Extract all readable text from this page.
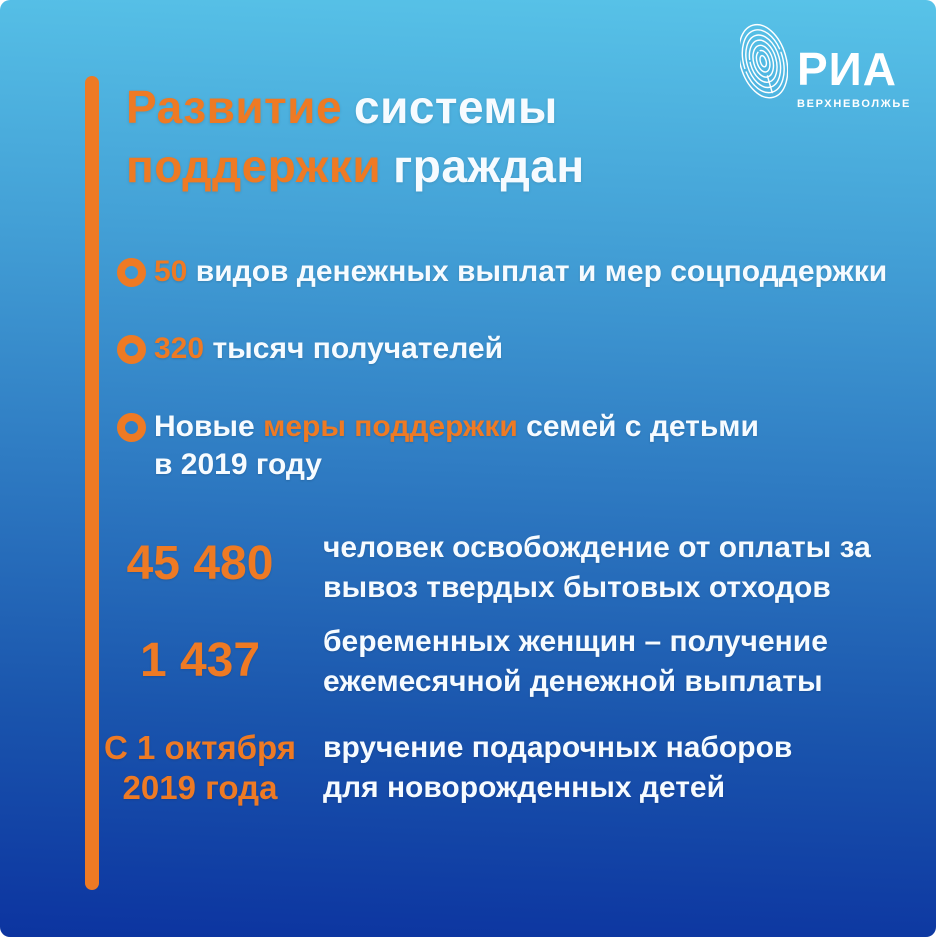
РИА
ВЕРХНЕВОЛЖЬЕ
Развитие системы
поддержки граждан
50 видов денежных выплат и мер соцподдержки
320 тысяч получателей
Новые меры поддержки семей с детьми
в 2019 году
45 480	человек освобождение от оплаты за
вывоз твердых бытовых отходов
1 437	беременных женщин – получение
ежемесячной денежной выплаты
С 1 октября
2019 года
вручение подарочных наборов
для новорожденных детей
